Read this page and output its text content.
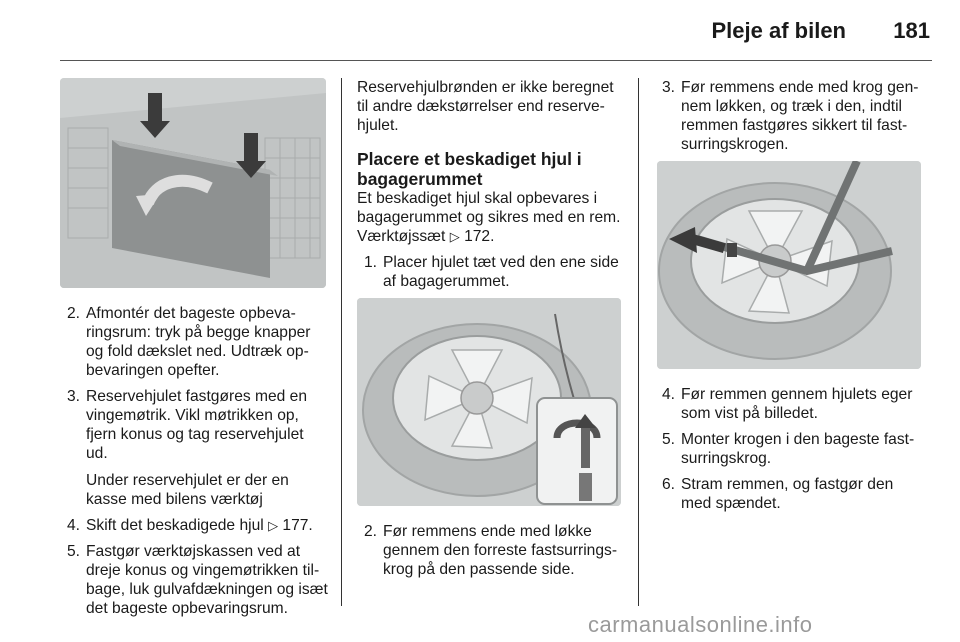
Pleje af bilen	181
2. Afmontér det bageste opbevaringsrum: tryk på begge knapper og fold dækslet ned. Udtræk opbevaringen opefter.
3. Reservehjulet fastgøres med en vingemøtrik. Vikl møtrikken op, fjern konus og tag reservehjulet ud.
Under reservehjulet er der en kasse med bilens værktøj
4. Skift det beskadigede hjul ▷ 177.
5. Fastgør værktøjskassen ved at dreje konus og vingemøtrikken tilbage, luk gulvafdækningen og isæt det bageste opbevaringsrum.

Reservehjulbrønden er ikke beregnet til andre dækstørrelser end reservehjulet.

Placere et beskadiget hjul i bagagerummet

Et beskadiget hjul skal opbevares i bagagerummet og sikres med en rem. Værktøjssæt ▷ 172.

1. Placer hjulet tæt ved den ene side af bagagerummet.
2. Før remmens ende med løkke gennem den forreste fastsurringskrog på den passende side.
3. Før remmens ende med krog gennem løkken, og træk i den, indtil remmen fastgøres sikkert til fastsurringskrogen.
4. Før remmen gennem hjulets eger som vist på billedet.
5. Monter krogen i den bageste fastsurringskrog.
6. Stram remmen, og fastgør den med spændet.
carmanualsonline.info
